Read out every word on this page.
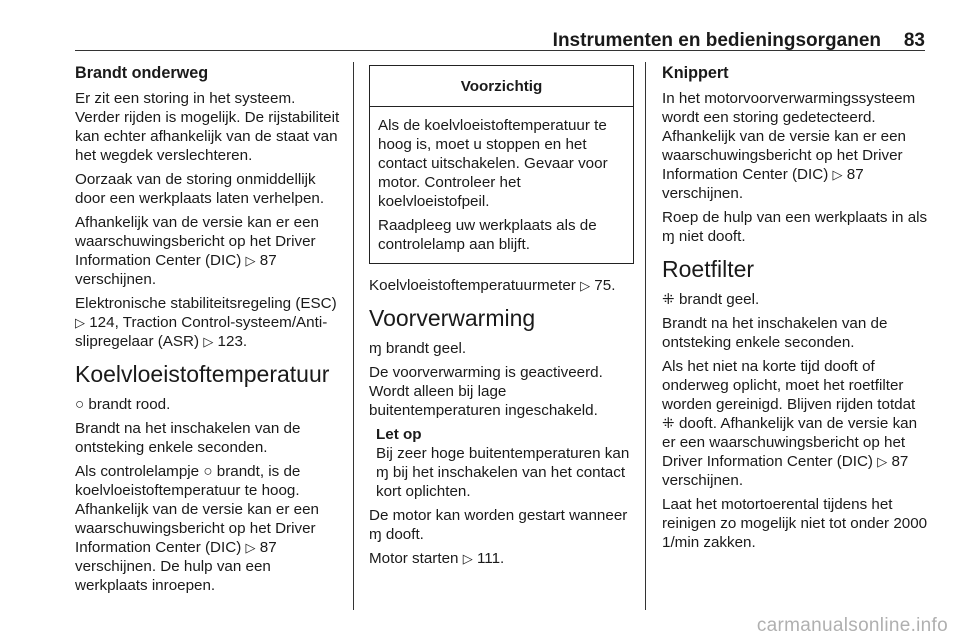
Instrumenten en bedieningsorganen 83
Brandt onderweg

Er zit een storing in het systeem. Verder rijden is mogelijk. De rijstabiliteit kan echter afhankelijk van de staat van het wegdek verslechteren.

Oorzaak van de storing onmiddellijk door een werkplaats laten verhelpen.

Afhankelijk van de versie kan er een waarschuwingsbericht op het Driver Information Center (DIC) ▷ 87 verschijnen.

Elektronische stabiliteitsregeling (ESC) ▷ 124, Traction Control-systeem/Anti-slipregelaar (ASR) ▷ 123.

Koelvloeistoftemperatuur

○ brandt rood.

Brandt na het inschakelen van de ontsteking enkele seconden.

Als controlelampje ○ brandt, is de koelvloeistoftemperatuur te hoog. Afhankelijk van de versie kan er een waarschuwingsbericht op het Driver Information Center (DIC) ▷ 87 verschijnen. De hulp van een werkplaats inroepen.

Voorzichtig

Als de koelvloeistoftemperatuur te hoog is, moet u stoppen en het contact uitschakelen. Gevaar voor motor. Controleer het koelvloeistofpeil.

Raadpleeg uw werkplaats als de controlelamp aan blijft.

Koelvloeistoftemperatuurmeter ▷ 75.

Voorverwarming

ɱ brandt geel.

De voorverwarming is geactiveerd. Wordt alleen bij lage buitentemperaturen ingeschakeld.

Let op

Bij zeer hoge buitentemperaturen kan ɱ bij het inschakelen van het contact kort oplichten.

De motor kan worden gestart wanneer ɱ dooft.

Motor starten ▷ 111.

Knippert

In het motorvoorverwarmingssysteem wordt een storing gedetecteerd. Afhankelijk van de versie kan er een waarschuwingsbericht op het Driver Information Center (DIC) ▷ 87 verschijnen.

Roep de hulp van een werkplaats in als ɱ niet dooft.

Roetfilter

⁜ brandt geel.

Brandt na het inschakelen van de ontsteking enkele seconden.

Als het niet na korte tijd dooft of onderweg oplicht, moet het roetfilter worden gereinigd. Blijven rijden totdat ⁜ dooft. Afhankelijk van de versie kan er een waarschuwingsbericht op het Driver Information Center (DIC) ▷ 87 verschijnen.

Laat het motortoerental tijdens het reinigen zo mogelijk niet tot onder 2000 1/min zakken.

carmanualsonline.info
